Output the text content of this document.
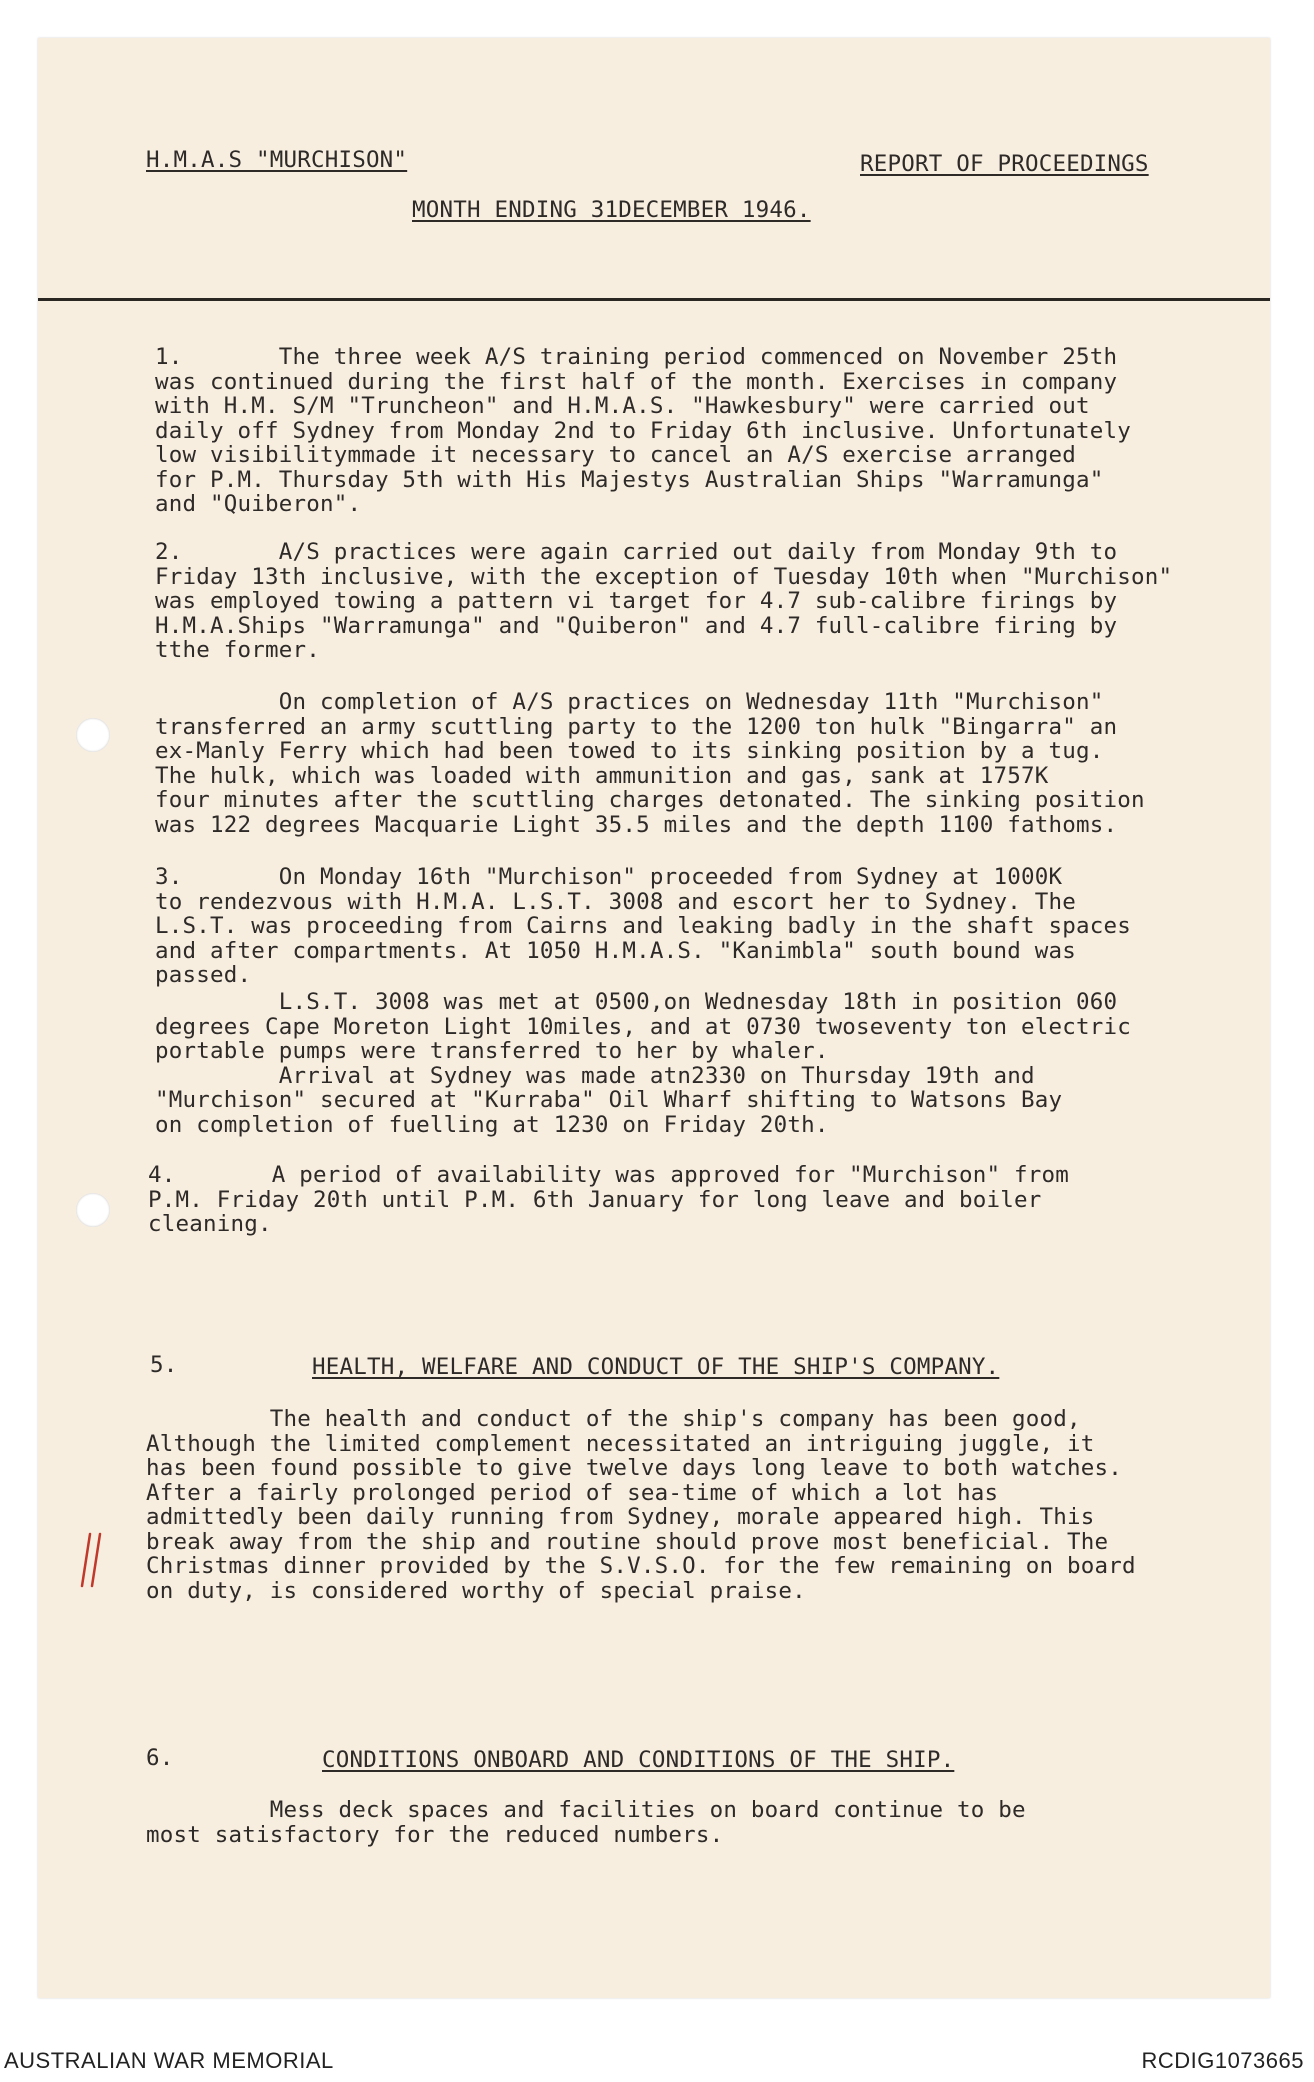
H.M.A.S "MURCHISON"	REPORT OF PROCEEDINGS
MONTH ENDING 31DECEMBER 1946.
1.       The three week A/S training period commenced on November 25th
was continued during the first half of the month. Exercises in company
with H.M. S/M "Truncheon" and H.M.A.S. "Hawkesbury" were carried out
daily off Sydney from Monday 2nd to Friday 6th inclusive. Unfortunately
low visibilitymmade it necessary to cancel an A/S exercise arranged
for P.M. Thursday 5th with His Majestys Australian Ships "Warramunga"
and "Quiberon".
2.       A/S practices were again carried out daily from Monday 9th to
Friday 13th inclusive, with the exception of Tuesday 10th when "Murchison"
was employed towing a pattern vi target for 4.7 sub-calibre firings by
H.M.A.Ships "Warramunga" and "Quiberon" and 4.7 full-calibre firing by
tthe former.
On completion of A/S practices on Wednesday 11th "Murchison"
transferred an army scuttling party to the 1200 ton hulk "Bingarra" an
ex-Manly Ferry which had been towed to its sinking position by a tug.
The hulk, which was loaded with ammunition and gas, sank at 1757K
four minutes after the scuttling charges detonated. The sinking position
was 122 degrees Macquarie Light 35.5 miles and the depth 1100 fathoms.
3.       On Monday 16th "Murchison" proceeded from Sydney at 1000K
to rendezvous with H.M.A. L.S.T. 3008 and escort her to Sydney. The
L.S.T. was proceeding from Cairns and leaking badly in the shaft spaces
and after compartments. At 1050 H.M.A.S. "Kanimbla" south bound was
passed.
L.S.T. 3008 was met at 0500,on Wednesday 18th in position 060
degrees Cape Moreton Light 10miles, and at 0730 twoseventy ton electric
portable pumps were transferred to her by whaler.
Arrival at Sydney was made atn2330 on Thursday 19th and
"Murchison" secured at "Kurraba" Oil Wharf shifting to Watsons Bay
on completion of fuelling at 1230 on Friday 20th.
4.       A period of availability was approved for "Murchison" from
P.M. Friday 20th until P.M. 6th January for long leave and boiler
cleaning.
5.	HEALTH, WELFARE AND CONDUCT OF THE SHIP'S COMPANY.
The health and conduct of the ship's company has been good,
Although the limited complement necessitated an intriguing juggle, it
has been found possible to give twelve days long leave to both watches.
After a fairly prolonged period of sea-time of which a lot has
admittedly been daily running from Sydney, morale appeared high. This
break away from the ship and routine should prove most beneficial. The
Christmas dinner provided by the S.V.S.O. for the few remaining on board
on duty, is considered worthy of special praise.
6.	CONDITIONS ONBOARD AND CONDITIONS OF THE SHIP.
Mess deck spaces and facilities on board continue to be
most satisfactory for the reduced numbers.
AUSTRALIAN WAR MEMORIAL	RCDIG1073665
